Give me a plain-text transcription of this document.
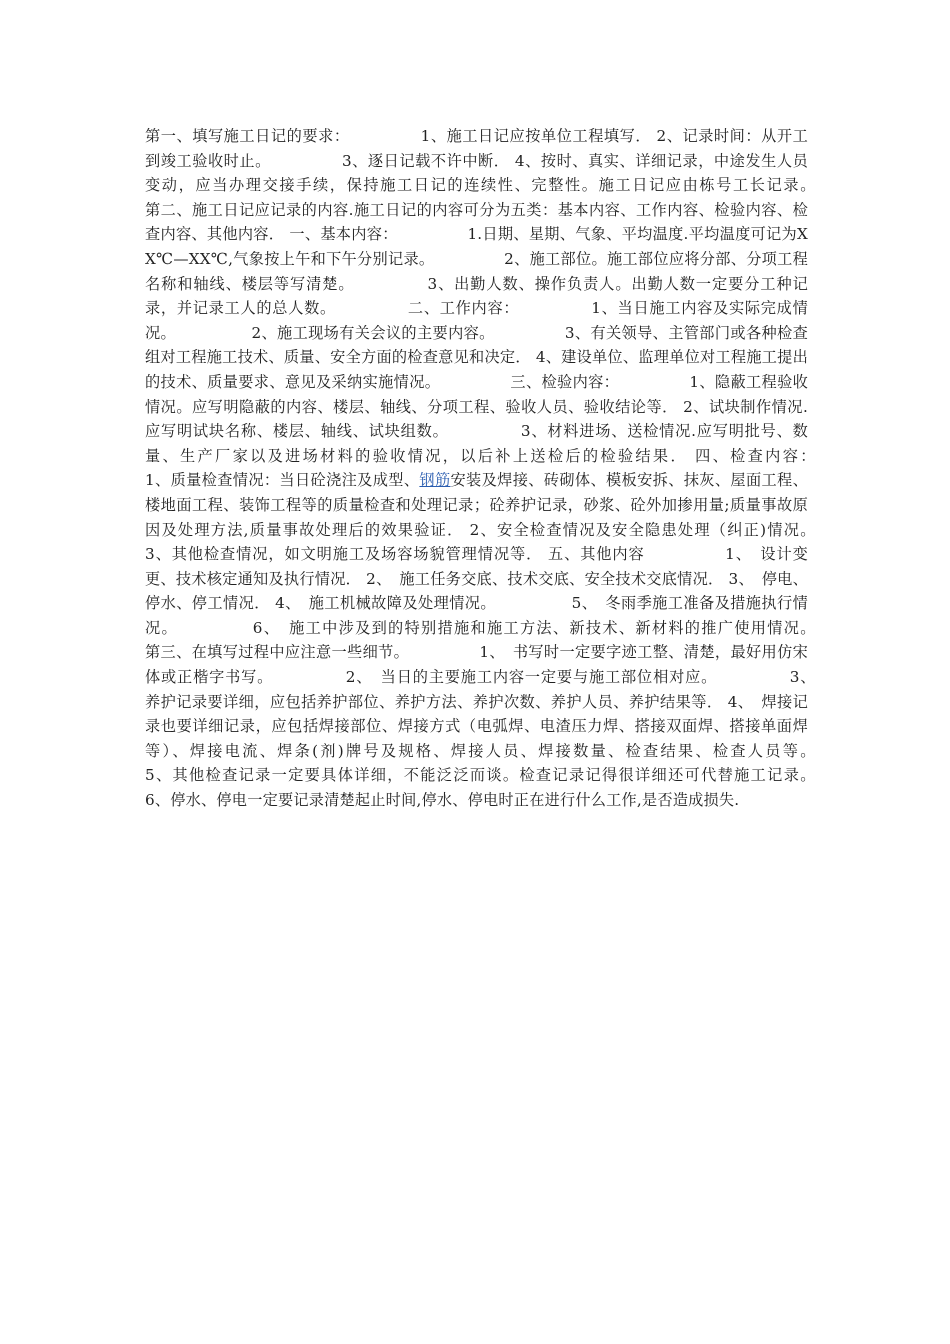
第一、填写施工日记的要求：　　　　　1、施工日记应按单位工程填写． 2、记录时间：从开工到竣工验收时止。　　　　　3、逐日记载不许中断． 4、按时、真实、详细记录，中途发生人员变动，应当办理交接手续，保持施工日记的连续性、完整性。施工日记应由栋号工长记录。　　　　　第二、施工日记应记录的内容.施工日记的内容可分为五类：基本内容、工作内容、检验内容、检查内容、其他内容． 一、基本内容：　　　　　1.日期、星期、气象、平均温度.平均温度可记为XX℃—XX℃,气象按上午和下午分别记录。　　　　　2、施工部位。施工部位应将分部、分项工程名称和轴线、楼层等写清楚。　　　　　3、出勤人数、操作负责人。出勤人数一定要分工种记录，并记录工人的总人数。　　　　　二、工作内容：　　　　　1、当日施工内容及实际完成情况。　　　　　 2、施工现场有关会议的主要内容。　　　　　3、有关领导、主管部门或各种检查组对工程施工技术、质量、安全方面的检查意见和决定． 4、建设单位、监理单位对工程施工提出的技术、质量要求、意见及采纳实施情况。　　　　　三、检验内容：　　　　　1、隐蔽工程验收情况。应写明隐蔽的内容、楼层、轴线、分项工程、验收人员、验收结论等． 2、试块制作情况.应写明试块名称、楼层、轴线、试块组数。　　　　　3、材料进场、送检情况.应写明批号、数量、生产厂家以及进场材料的验收情况，以后补上送检后的检验结果． 四、检查内容：　　　　　1、质量检查情况：当日砼浇注及成型、钢筋安装及焊接、砖砌体、模板安拆、抹灰、屋面工程、楼地面工程、装饰工程等的质量检查和处理记录；砼养护记录，砂浆、砼外加掺用量;质量事故原因及处理方法,质量事故处理后的效果验证． 2、安全检查情况及安全隐患处理（纠正)情况。　　　　　3、其他检查情况，如文明施工及场容场貌管理情况等． 五、其他内容　　　　　1、　设计变更、技术核定通知及执行情况． 2、　施工任务交底、技术交底、安全技术交底情况． 3、　停电、停水、停工情况． 4、　施工机械故障及处理情况。　　　　　 5、　冬雨季施工准备及措施执行情况。　　　　　6、　施工中涉及到的特别措施和施工方法、新技术、新材料的推广使用情况。　　　　　第三、在填写过程中应注意一些细节。　　　　　1、　书写时一定要字迹工整、清楚，最好用仿宋体或正楷字书写。　　　　　2、　当日的主要施工内容一定要与施工部位相对应。　　　　　3、　养护记录要详细，应包括养护部位、养护方法、养护次数、养护人员、养护结果等． 4、　焊接记录也要详细记录，应包括焊接部位、焊接方式（电弧焊、电渣压力焊、搭接双面焊、搭接单面焊等）、焊接电流、焊条(剂)牌号及规格、焊接人员、焊接数量、检查结果、检查人员等。　　　　　5、其他检查记录一定要具体详细，不能泛泛而谈。检查记录记得很详细还可代替施工记录。　　　　　6、停水、停电一定要记录清楚起止时间,停水、停电时正在进行什么工作,是否造成损失.
